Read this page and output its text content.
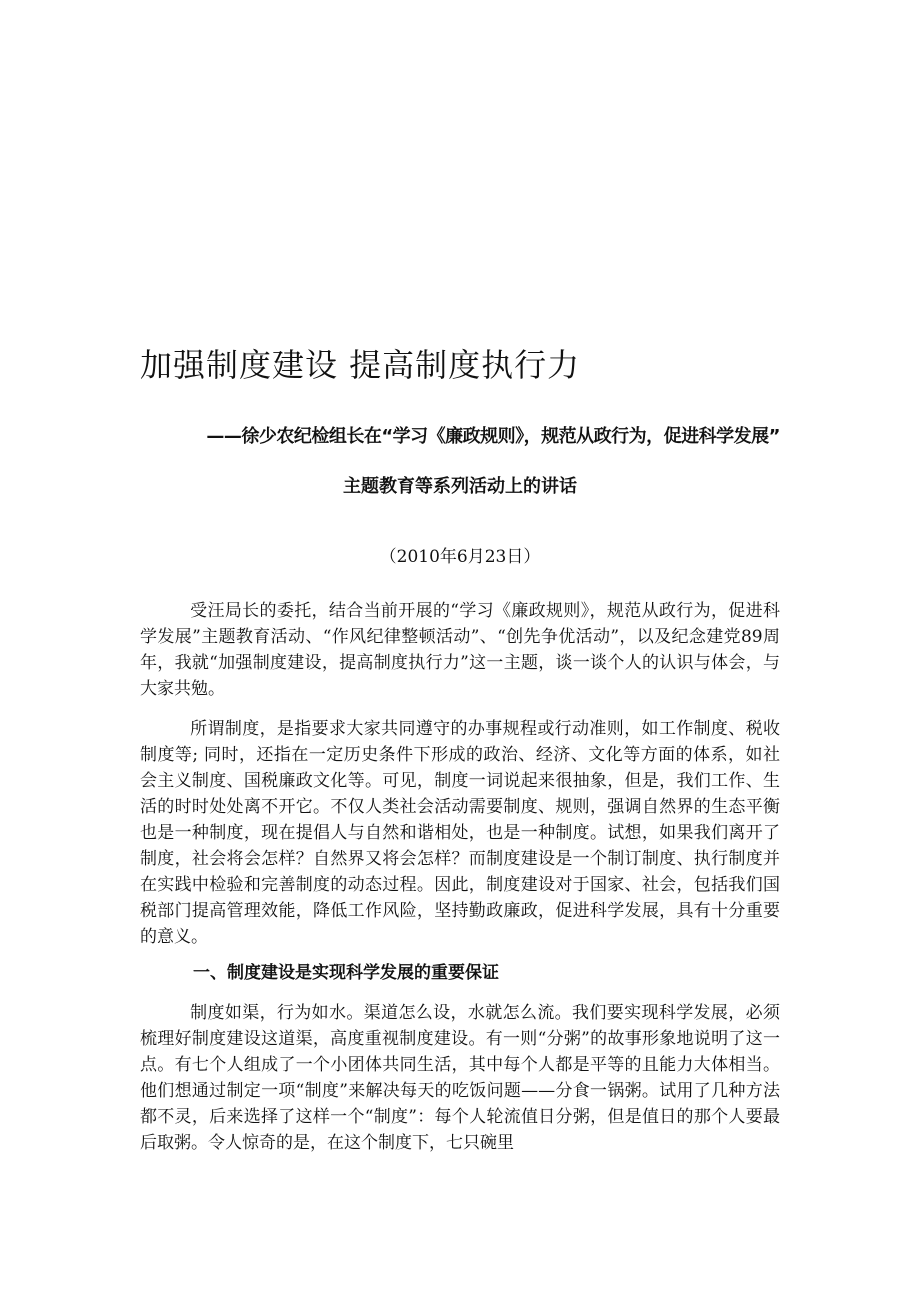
加强制度建设 提高制度执行力
——徐少农纪检组长在“学习《廉政规则》，规范从政行为，促进科学发展”
主题教育等系列活动上的讲话
（2010年6月23日）

受汪局长的委托，结合当前开展的“学习《廉政规则》，规范从政行为，促进科学发展”主题教育活动、“作风纪律整顿活动”、“创先争优活动”，以及纪念建党89周年，我就“加强制度建设，提高制度执行力”这一主题，谈一谈个人的认识与体会，与大家共勉。

所谓制度，是指要求大家共同遵守的办事规程或行动准则，如工作制度、税收制度等; 同时，还指在一定历史条件下形成的政治、经济、文化等方面的体系，如社会主义制度、国税廉政文化等。可见，制度一词说起来很抽象，但是，我们工作、生活的时时处处离不开它。不仅人类社会活动需要制度、规则，强调自然界的生态平衡也是一种制度，现在提倡人与自然和谐相处，也是一种制度。试想，如果我们离开了制度，社会将会怎样？自然界又将会怎样？而制度建设是一个制订制度、执行制度并在实践中检验和完善制度的动态过程。因此，制度建设对于国家、社会，包括我们国税部门提高管理效能，降低工作风险，坚持勤政廉政，促进科学发展，具有十分重要的意义。

一、制度建设是实现科学发展的重要保证

制度如渠，行为如水。渠道怎么设，水就怎么流。我们要实现科学发展，必须梳理好制度建设这道渠，高度重视制度建设。有一则“分粥”的故事形象地说明了这一点。有七个人组成了一个小团体共同生活，其中每个人都是平等的且能力大体相当。他们想通过制定一项“制度”来解决每天的吃饭问题——分食一锅粥。试用了几种方法都不灵，后来选择了这样一个“制度”：每个人轮流值日分粥，但是值日的那个人要最后取粥。令人惊奇的是，在这个制度下，七只碗里
